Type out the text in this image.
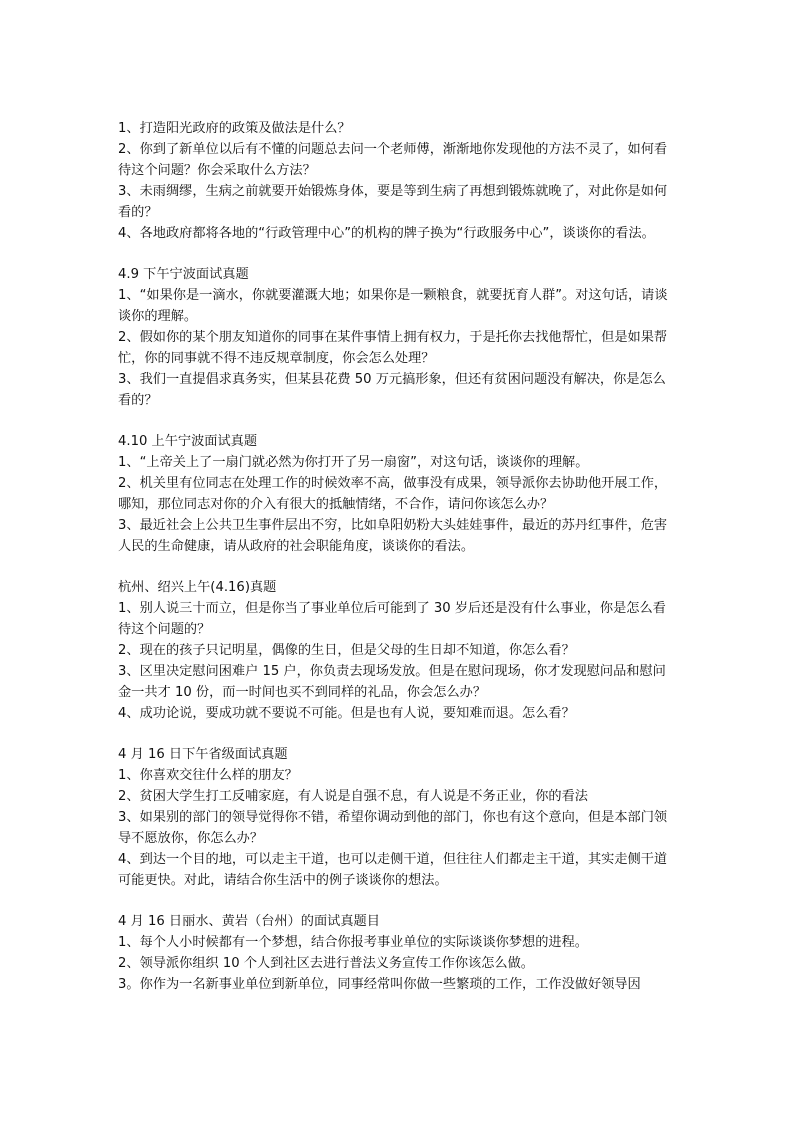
1、打造阳光政府的政策及做法是什么？

2、你到了新单位以后有不懂的问题总去问一个老师傅，渐渐地你发现他的方法不灵了，如何看待这个问题？你会采取什么方法？

3、未雨绸缪，生病之前就要开始锻炼身体，要是等到生病了再想到锻炼就晚了，对此你是如何看的？

4、各地政府都将各地的“行政管理中心”的机构的牌子换为“行政服务中心”，谈谈你的看法。

4.9 下午宁波面试真题

1、“如果你是一滴水，你就要灌溉大地；如果你是一颗粮食，就要抚育人群”。对这句话，请谈谈你的理解。

2、假如你的某个朋友知道你的同事在某件事情上拥有权力，于是托你去找他帮忙，但是如果帮忙，你的同事就不得不违反规章制度，你会怎么处理？

3、我们一直提倡求真务实，但某县花费 50 万元搞形象，但还有贫困问题没有解决，你是怎么看的？

4.10 上午宁波面试真题

1、“上帝关上了一扇门就必然为你打开了另一扇窗”，对这句话，谈谈你的理解。

2、机关里有位同志在处理工作的时候效率不高，做事没有成果，领导派你去协助他开展工作，哪知，那位同志对你的介入有很大的抵触情绪，不合作，请问你该怎么办？

3、最近社会上公共卫生事件层出不穷，比如阜阳奶粉大头娃娃事件，最近的苏丹红事件，危害人民的生命健康，请从政府的社会职能角度，谈谈你的看法。

杭州、绍兴上午(4.16)真题

1、别人说三十而立，但是你当了事业单位后可能到了 30 岁后还是没有什么事业，你是怎么看待这个问题的？

2、现在的孩子只记明星，偶像的生日，但是父母的生日却不知道，你怎么看？

3、区里决定慰问困难户 15 户，你负责去现场发放。但是在慰问现场，你才发现慰问品和慰问金一共才 10 份，而一时间也买不到同样的礼品，你会怎么办？

4、成功论说，要成功就不要说不可能。但是也有人说，要知难而退。怎么看？

4 月 16 日下午省级面试真题

1、你喜欢交往什么样的朋友？

2、贫困大学生打工反哺家庭，有人说是自强不息，有人说是不务正业，你的看法

3、如果别的部门的领导觉得你不错，希望你调动到他的部门，你也有这个意向，但是本部门领导不愿放你，你怎么办？

4、到达一个目的地，可以走主干道，也可以走侧干道，但往往人们都走主干道，其实走侧干道可能更快。对此，请结合你生活中的例子谈谈你的想法。

4 月 16 日丽水、黄岩（台州）的面试真题目

1、每个人小时候都有一个梦想，结合你报考事业单位的实际谈谈你梦想的进程。

2、领导派你组织 10 个人到社区去进行普法义务宣传工作你该怎么做。

3。你作为一名新事业单位到新单位，同事经常叫你做一些繁琐的工作，工作没做好领导因
